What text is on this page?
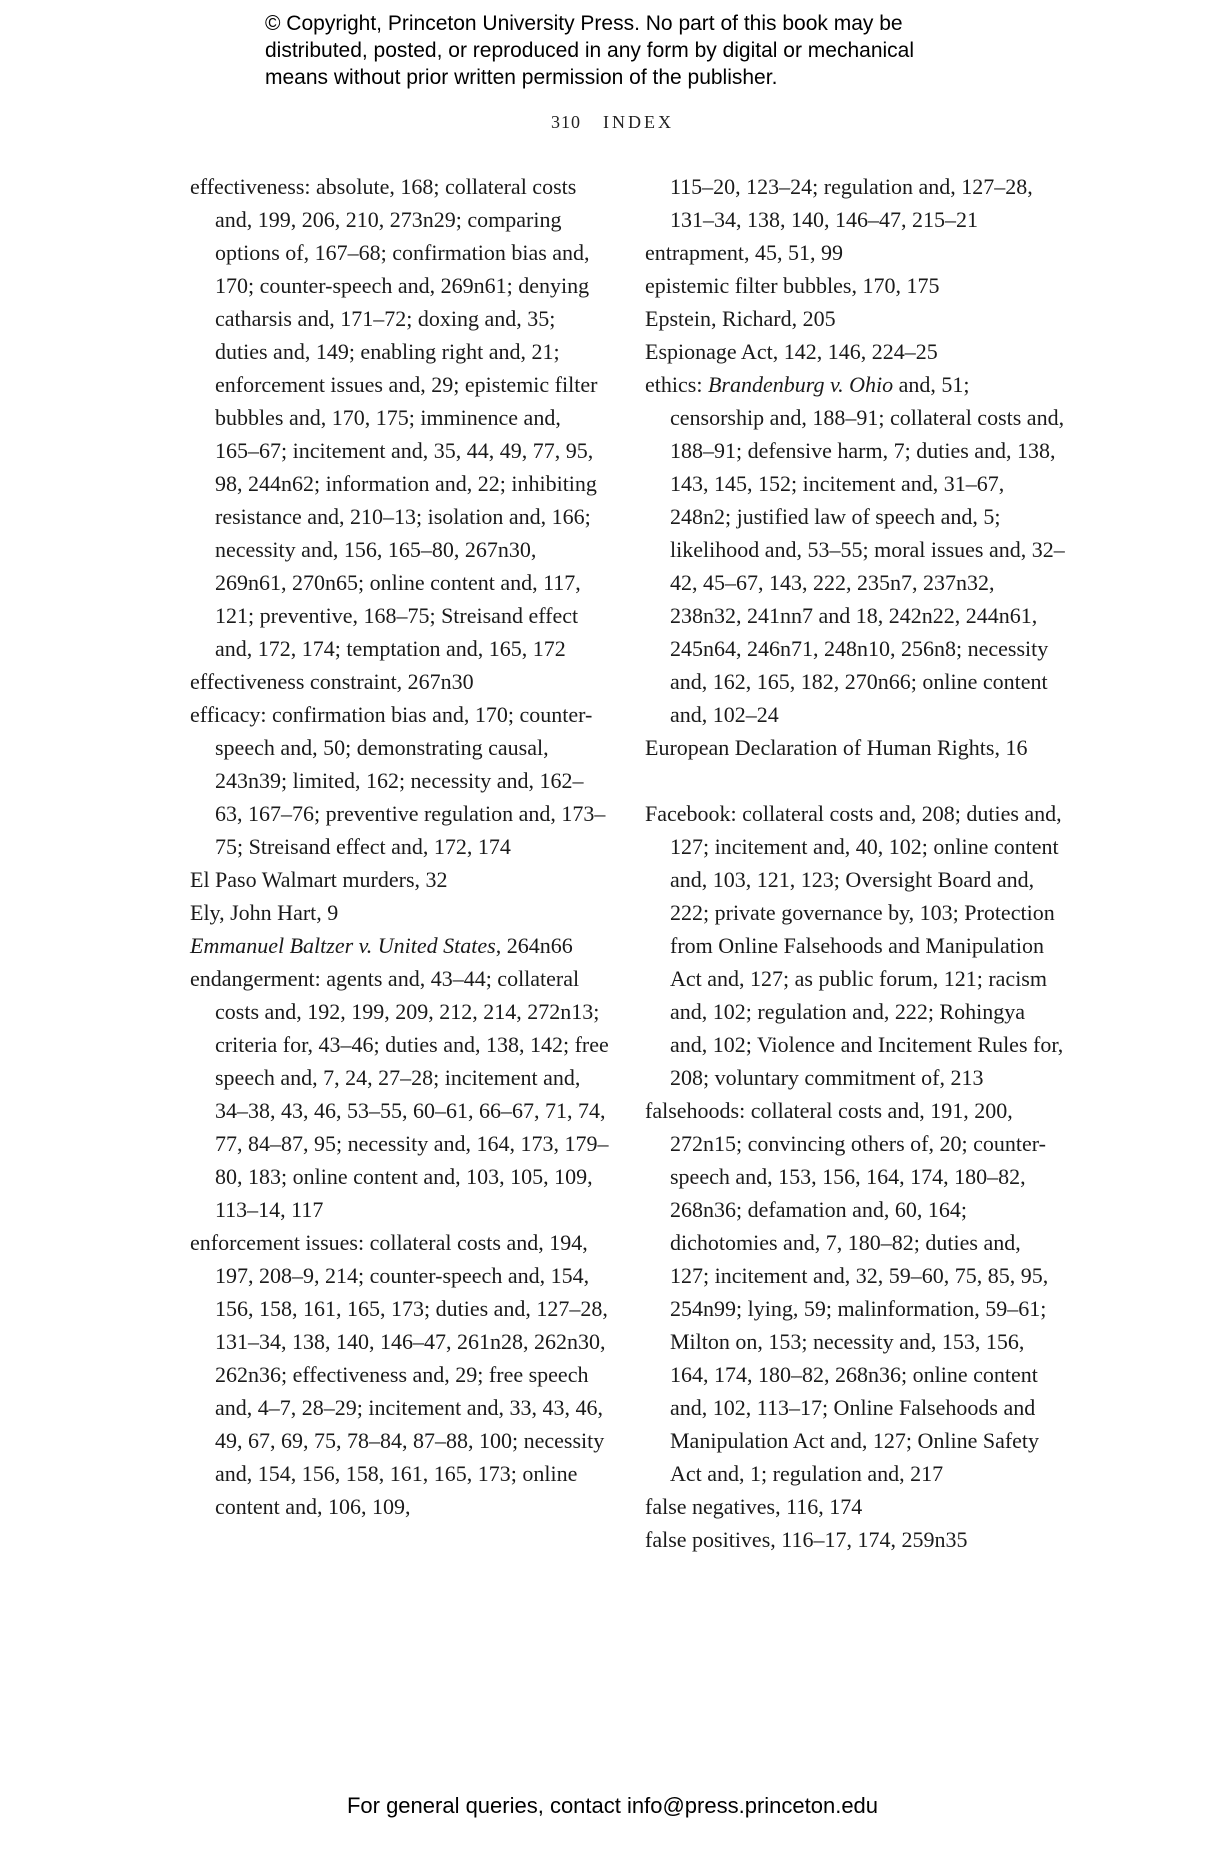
© Copyright, Princeton University Press. No part of this book may be
distributed, posted, or reproduced in any form by digital or mechanical
means without prior written permission of the publisher.
310 INDEX
effectiveness: absolute, 168; collateral costs and, 199, 206, 210, 273n29; comparing options of, 167–68; confirmation bias and, 170; counter-speech and, 269n61; denying catharsis and, 171–72; doxing and, 35; duties and, 149; enabling right and, 21; enforcement issues and, 29; epistemic filter bubbles and, 170, 175; imminence and, 165–67; incitement and, 35, 44, 49, 77, 95, 98, 244n62; information and, 22; inhibiting resistance and, 210–13; isolation and, 166; necessity and, 156, 165–80, 267n30, 269n61, 270n65; online content and, 117, 121; preventive, 168–75; Streisand effect and, 172, 174; temptation and, 165, 172
effectiveness constraint, 267n30
efficacy: confirmation bias and, 170; counter-speech and, 50; demonstrating causal, 243n39; limited, 162; necessity and, 162–63, 167–76; preventive regulation and, 173–75; Streisand effect and, 172, 174
El Paso Walmart murders, 32
Ely, John Hart, 9
Emmanuel Baltzer v. United States, 264n66
endangerment: agents and, 43–44; collateral costs and, 192, 199, 209, 212, 214, 272n13; criteria for, 43–46; duties and, 138, 142; free speech and, 7, 24, 27–28; incitement and, 34–38, 43, 46, 53–55, 60–61, 66–67, 71, 74, 77, 84–87, 95; necessity and, 164, 173, 179–80, 183; online content and, 103, 105, 109, 113–14, 117
enforcement issues: collateral costs and, 194, 197, 208–9, 214; counter-speech and, 154, 156, 158, 161, 165, 173; duties and, 127–28, 131–34, 138, 140, 146–47, 261n28, 262n30, 262n36; effectiveness and, 29; free speech and, 4–7, 28–29; incitement and, 33, 43, 46, 49, 67, 69, 75, 78–84, 87–88, 100; necessity and, 154, 156, 158, 161, 165, 173; online content and, 106, 109,
115–20, 123–24; regulation and, 127–28, 131–34, 138, 140, 146–47, 215–21
entrapment, 45, 51, 99
epistemic filter bubbles, 170, 175
Epstein, Richard, 205
Espionage Act, 142, 146, 224–25
ethics: Brandenburg v. Ohio and, 51; censorship and, 188–91; collateral costs and, 188–91; defensive harm, 7; duties and, 138, 143, 145, 152; incitement and, 31–67, 248n2; justified law of speech and, 5; likelihood and, 53–55; moral issues and, 32–42, 45–67, 143, 222, 235n7, 237n32, 238n32, 241nn7 and 18, 242n22, 244n61, 245n64, 246n71, 248n10, 256n8; necessity and, 162, 165, 182, 270n66; online content and, 102–24
European Declaration of Human Rights, 16
Facebook: collateral costs and, 208; duties and, 127; incitement and, 40, 102; online content and, 103, 121, 123; Oversight Board and, 222; private governance by, 103; Protection from Online Falsehoods and Manipulation Act and, 127; as public forum, 121; racism and, 102; regulation and, 222; Rohingya and, 102; Violence and Incitement Rules for, 208; voluntary commitment of, 213
falsehoods: collateral costs and, 191, 200, 272n15; convincing others of, 20; counter-speech and, 153, 156, 164, 174, 180–82, 268n36; defamation and, 60, 164; dichotomies and, 7, 180–82; duties and, 127; incitement and, 32, 59–60, 75, 85, 95, 254n99; lying, 59; malinformation, 59–61; Milton on, 153; necessity and, 153, 156, 164, 174, 180–82, 268n36; online content and, 102, 113–17; Online Falsehoods and Manipulation Act and, 127; Online Safety Act and, 1; regulation and, 217
false negatives, 116, 174
false positives, 116–17, 174, 259n35
For general queries, contact info@press.princeton.edu
